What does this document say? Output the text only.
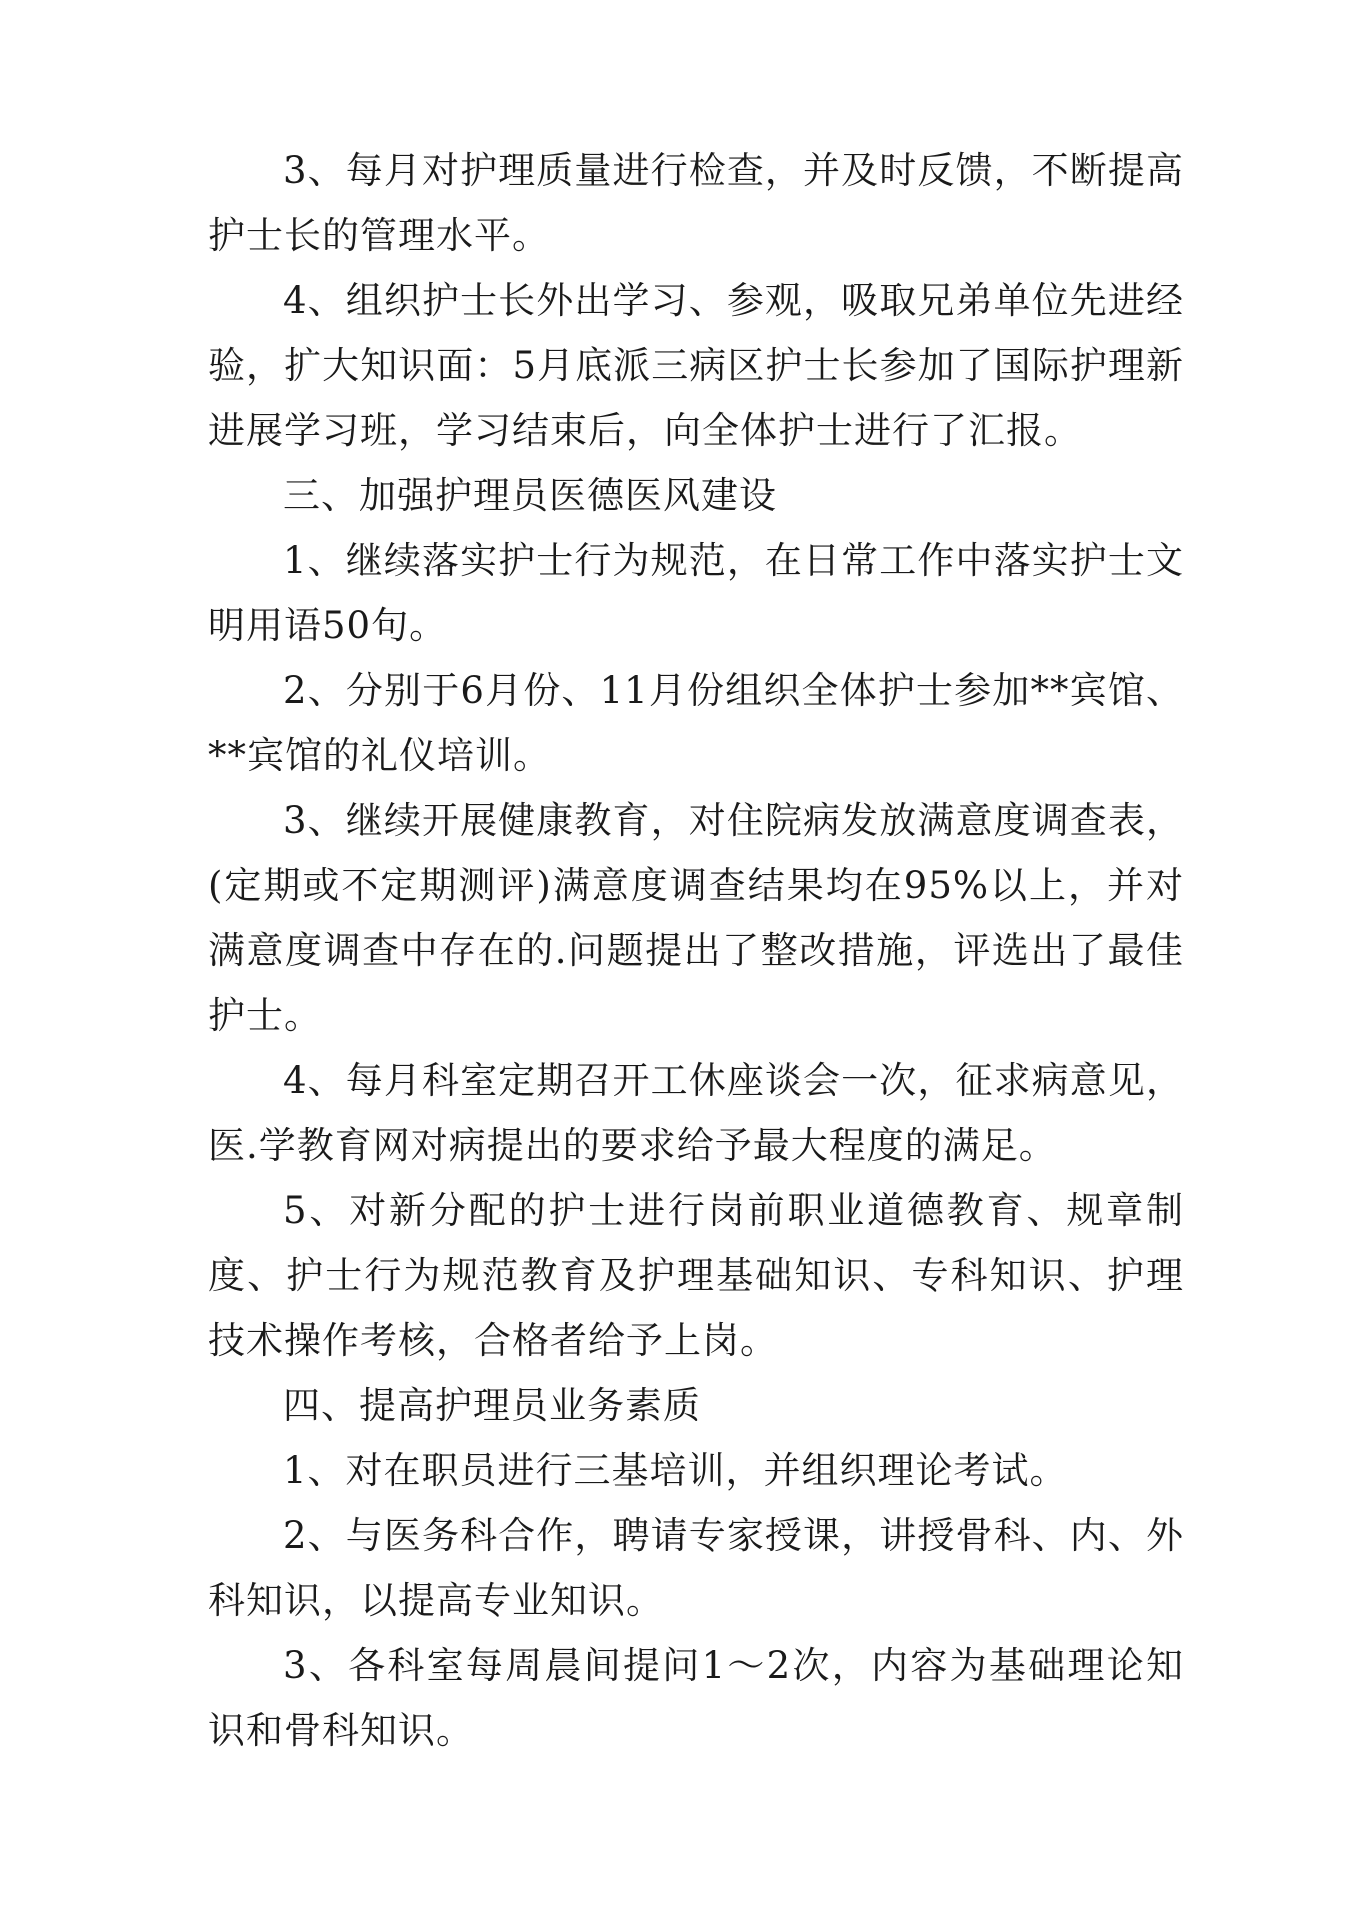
3、每月对护理质量进行检查，并及时反馈，不断提高护士长的管理水平。

4、组织护士长外出学习、参观，吸取兄弟单位先进经验，扩大知识面：5月底派三病区护士长参加了国际护理新进展学习班，学习结束后，向全体护士进行了汇报。

三、加强护理员医德医风建设

1、继续落实护士行为规范，在日常工作中落实护士文明用语50句。

2、分别于6月份、11月份组织全体护士参加**宾馆、**宾馆的礼仪培训。

3、继续开展健康教育，对住院病发放满意度调查表，(定期或不定期测评)满意度调查结果均在95%以上，并对满意度调查中存在的.问题提出了整改措施，评选出了最佳护士。

4、每月科室定期召开工休座谈会一次，征求病意见，医.学教育网对病提出的要求给予最大程度的满足。

5、对新分配的护士进行岗前职业道德教育、规章制度、护士行为规范教育及护理基础知识、专科知识、护理技术操作考核，合格者给予上岗。

四、提高护理员业务素质

1、对在职员进行三基培训，并组织理论考试。

2、与医务科合作，聘请专家授课，讲授骨科、内、外科知识，以提高专业知识。

3、各科室每周晨间提问1～2次，内容为基础理论知识和骨科知识。
